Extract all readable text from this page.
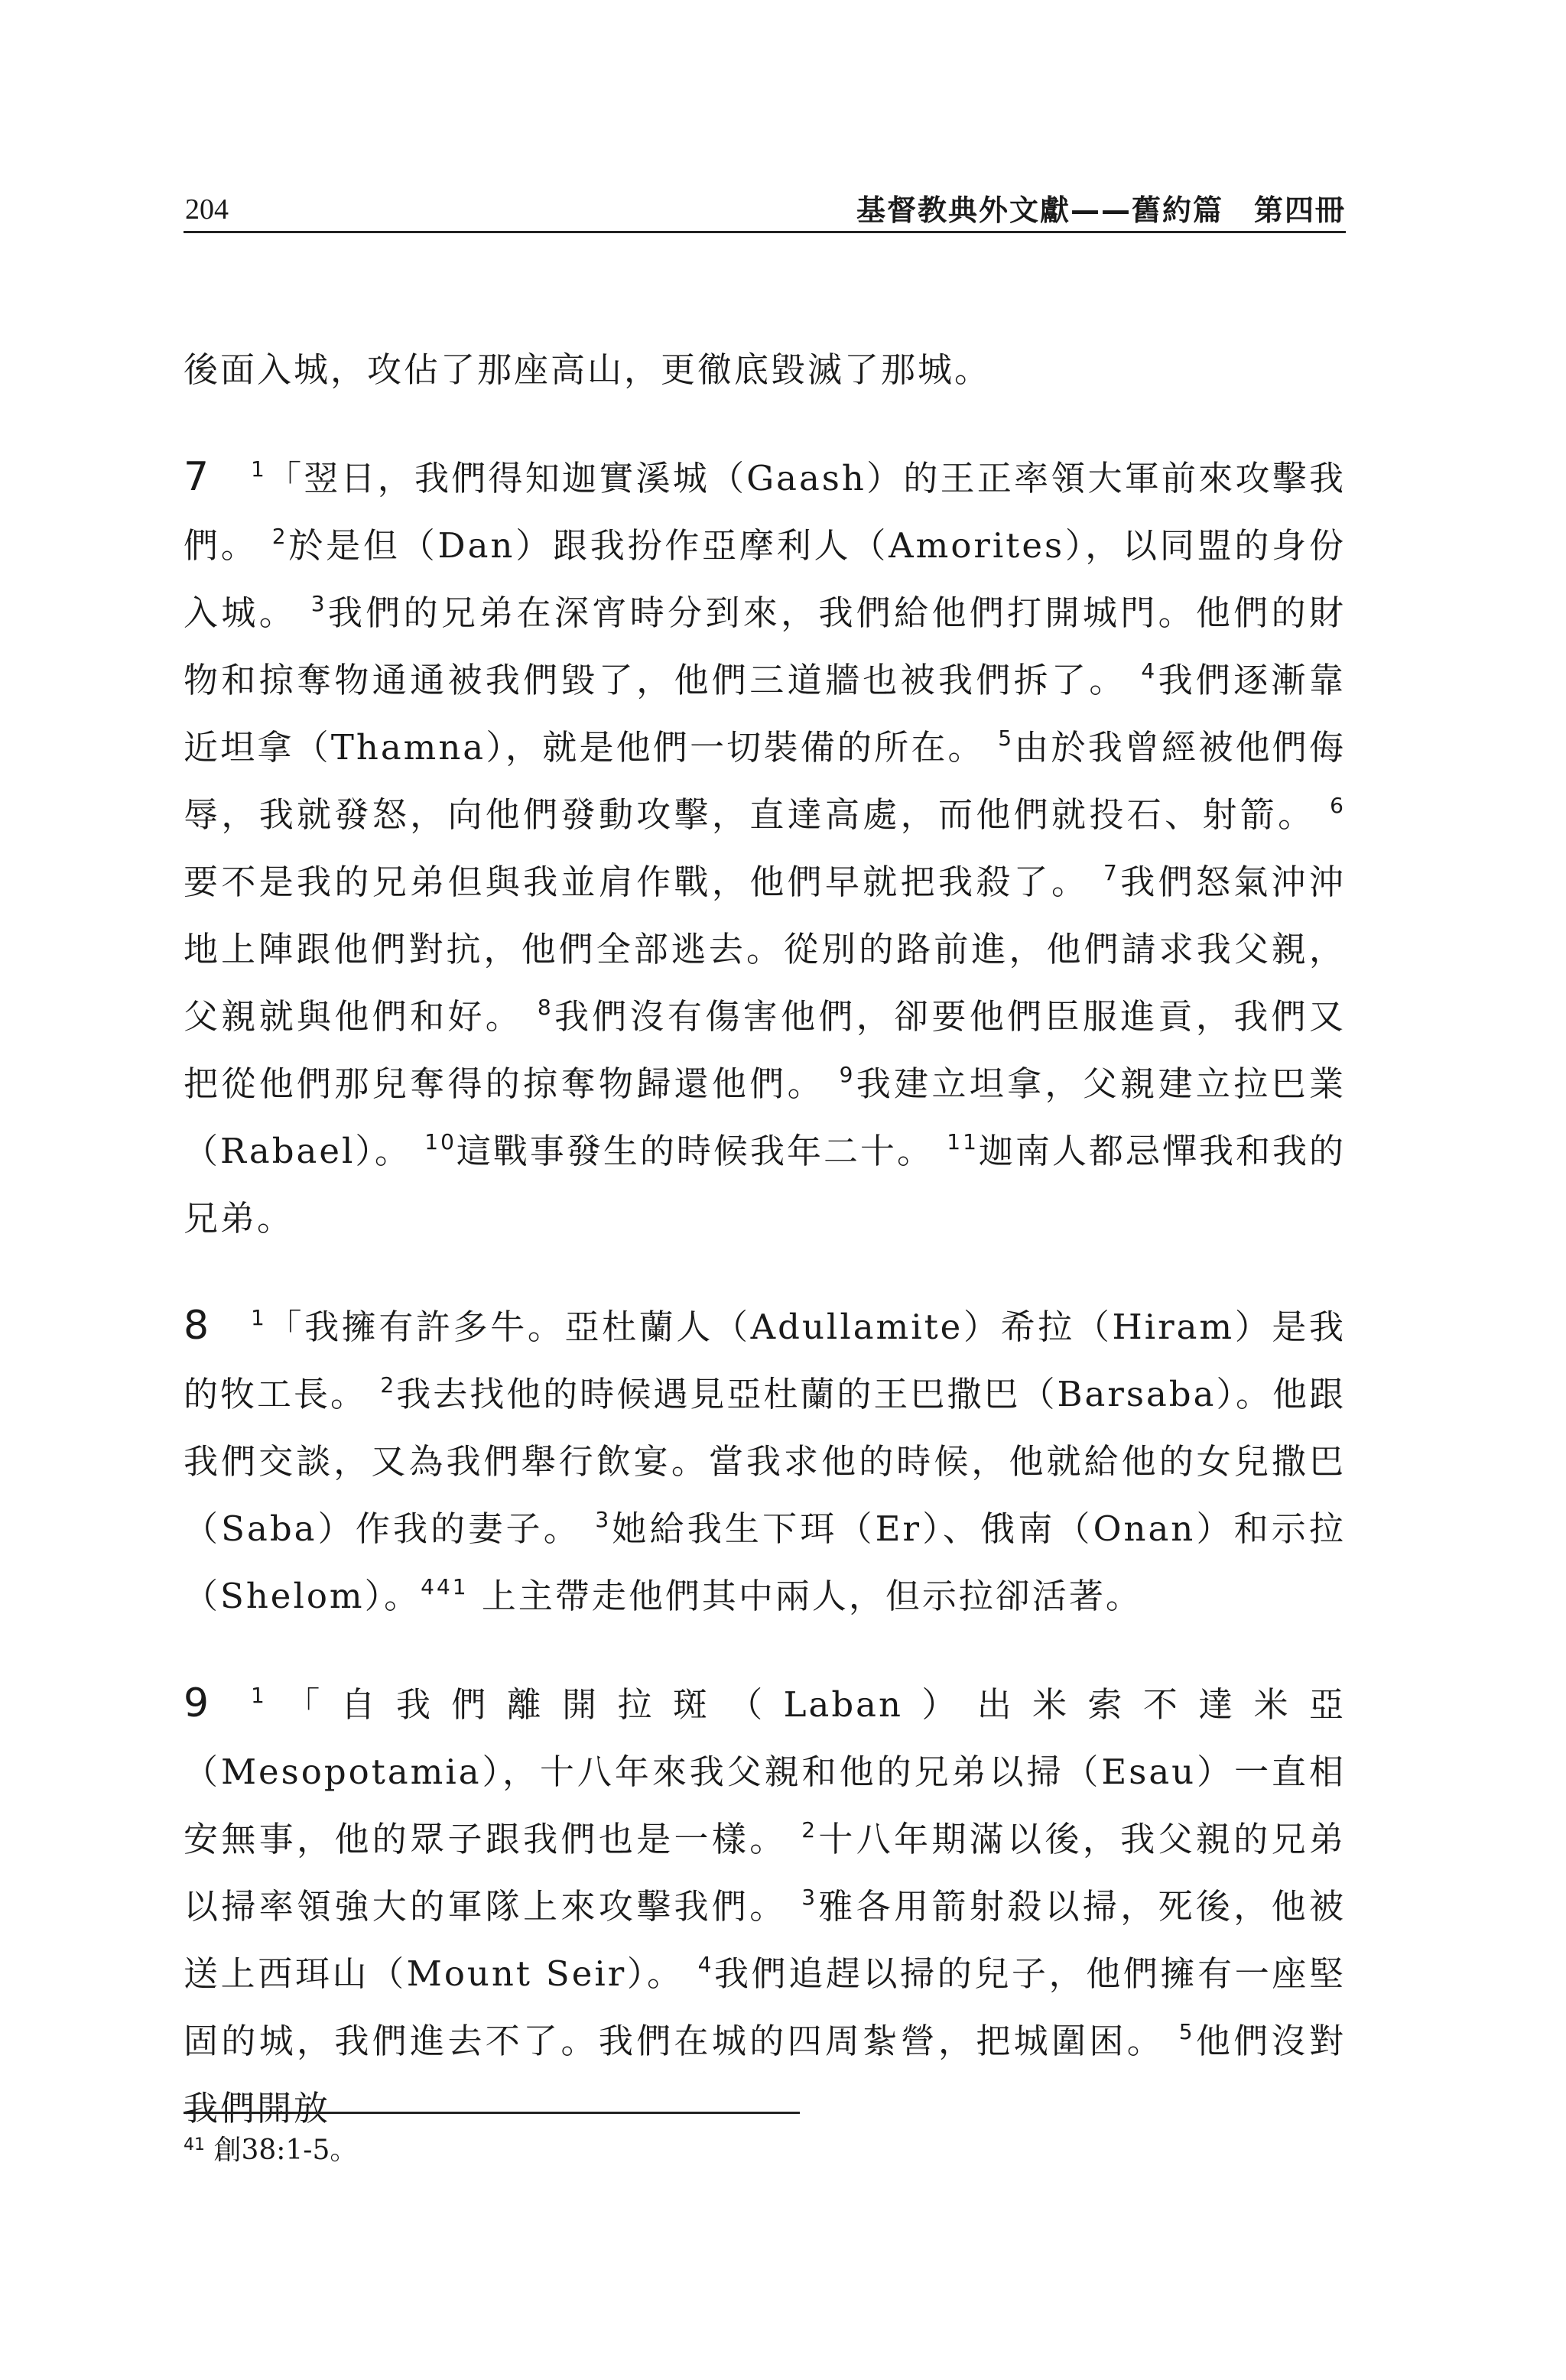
204	基督教典外文獻——舊約篇　第四冊

後面入城，攻佔了那座高山，更徹底毀滅了那城。

7 $^1$「翌日，我們得知迦實溪城（Gaash）的王正率領大軍前來攻擊我們。 $^2$於是但（Dan）跟我扮作亞摩利人（Amorites），以同盟的身份入城。 $^3$我們的兄弟在深宵時分到來，我們給他們打開城門。他們的財物和掠奪物通通被我們毀了，他們三道牆也被我們拆了。 $^4$我們逐漸靠近坦拿（Thamna），就是他們一切裝備的所在。 $^5$由於我曾經被他們侮辱，我就發怒，向他們發動攻擊，直達高處，而他們就投石、射箭。 $^6$要不是我的兄弟但與我並肩作戰，他們早就把我殺了。 $^7$我們怒氣沖沖地上陣跟他們對抗，他們全部逃去。從別的路前進，他們請求我父親，父親就與他們和好。 $^8$我們沒有傷害他們，卻要他們臣服進貢，我們又把從他們那兒奪得的掠奪物歸還他們。 $^9$我建立坦拿，父親建立拉巴業（Rabael）。 $^{10}$這戰事發生的時候我年二十。 $^{11}$迦南人都忌憚我和我的兄弟。

8 $^1$「我擁有許多牛。亞杜蘭人（Adullamite）希拉（Hiram）是我的牧工長。 $^2$我去找他的時候遇見亞杜蘭的王巴撒巴（Barsaba）。他跟我們交談，又為我們舉行飲宴。當我求他的時候，他就給他的女兒撒巴（Saba）作我的妻子。 $^3$她給我生下珥（Er）、俄南（Onan）和示拉（Shelom）。$^{441}$ 上主帶走他們其中兩人，但示拉卻活著。

9 $^1$「自我們離開拉斑（Laban）出米索不達米亞（Mesopotamia），十八年來我父親和他的兄弟以掃（Esau）一直相安無事，他的眾子跟我們也是一樣。 $^2$十八年期滿以後，我父親的兄弟以掃率領強大的軍隊上來攻擊我們。 $^3$雅各用箭射殺以掃，死後，他被送上西珥山（Mount Seir）。 $^4$我們追趕以掃的兒子，他們擁有一座堅固的城，我們進去不了。我們在城的四周紮營，把城圍困。 $^5$他們沒對我們開放

$^{41}$ 創38:1-5。
